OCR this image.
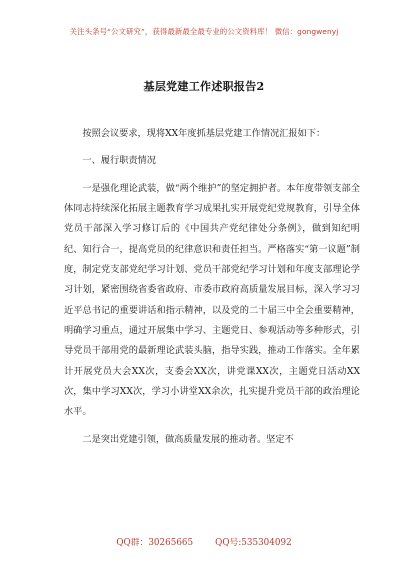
关注头条号“公文研究”，获得最新最全最专业的公文资料库！ 微信：gongwenyj
基层党建工作述职报告2

按照会议要求，现将XX年度抓基层党建工作情况汇报如下：

一、履行职责情况

一是强化理论武装，做“两个维护”的坚定拥护者。本年度带领支部全体同志持续深化拓展主题教育学习成果扎实开展党纪党规教育，引导全体党员干部深入学习修订后的《中国共产党纪律处分条例》，做到知纪明纪、知行合一，提高党员的纪律意识和责任担当。严格落实“第一议题”制度，制定党支部党纪学习计划、党员干部党纪学习计划和年度支部理论学习计划，紧密围绕省委省政府、市委市政府高质量发展目标，深入学习习近平总书记的重要讲话和指示精神，以及党的二十届三中全会重要精神，明确学习重点，通过开展集中学习、主题党日、参观活动等多种形式，引导党员干部用党的最新理论武装头脑，指导实践，推动工作落实。全年累计开展党员大会XX次，支委会XX次，讲党课XX次，主题党日活动XX次，集中学习XX次，学习小讲堂XX余次，扎实提升党员干部的政治理论水平。

二是突出党建引领，做高质量发展的推动者。坚定不

QQ群：30265665	QQ号:535304092
